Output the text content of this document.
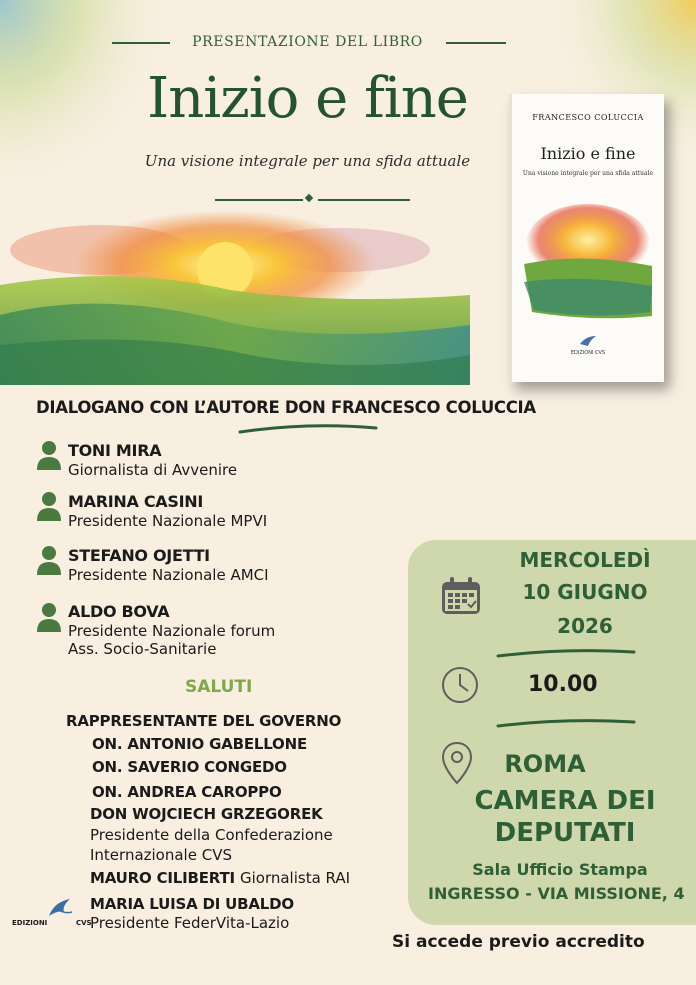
PRESENTAZIONE DEL LIBRO
Inizio e fine
Una visione integrale per una sfida attuale
FRANCESCO COLUCCIA
Inizio e fine
Una visione integrale per una sfida attuale
EDIZIONI CVS
DIALOGANO CON L’AUTORE DON FRANCESCO COLUCCIA
TONI MIRA
Giornalista di Avvenire
MARINA CASINI
Presidente Nazionale MPVI
STEFANO OJETTI
Presidente Nazionale AMCI
ALDO BOVA
Presidente Nazionale forum
Ass. Socio-Sanitarie
SALUTI
RAPPRESENTANTE DEL GOVERNO
ON. ANTONIO GABELLONE
ON. SAVERIO CONGEDO
ON. ANDREA CAROPPO
DON WOJCIECH GRZEGOREK
Presidente della Confederazione
Internazionale CVS
MAURO CILIBERTI Giornalista RAI
MARIA LUISA DI UBALDO
Presidente FederVita-Lazio
EDIZIONI	CVS
MERCOLEDÌ
10 GIUGNO
2026
10.00
ROMA
CAMERA DEI
DEPUTATI
Sala Ufficio Stampa
INGRESSO - VIA MISSIONE, 4
Si accede previo accredito
